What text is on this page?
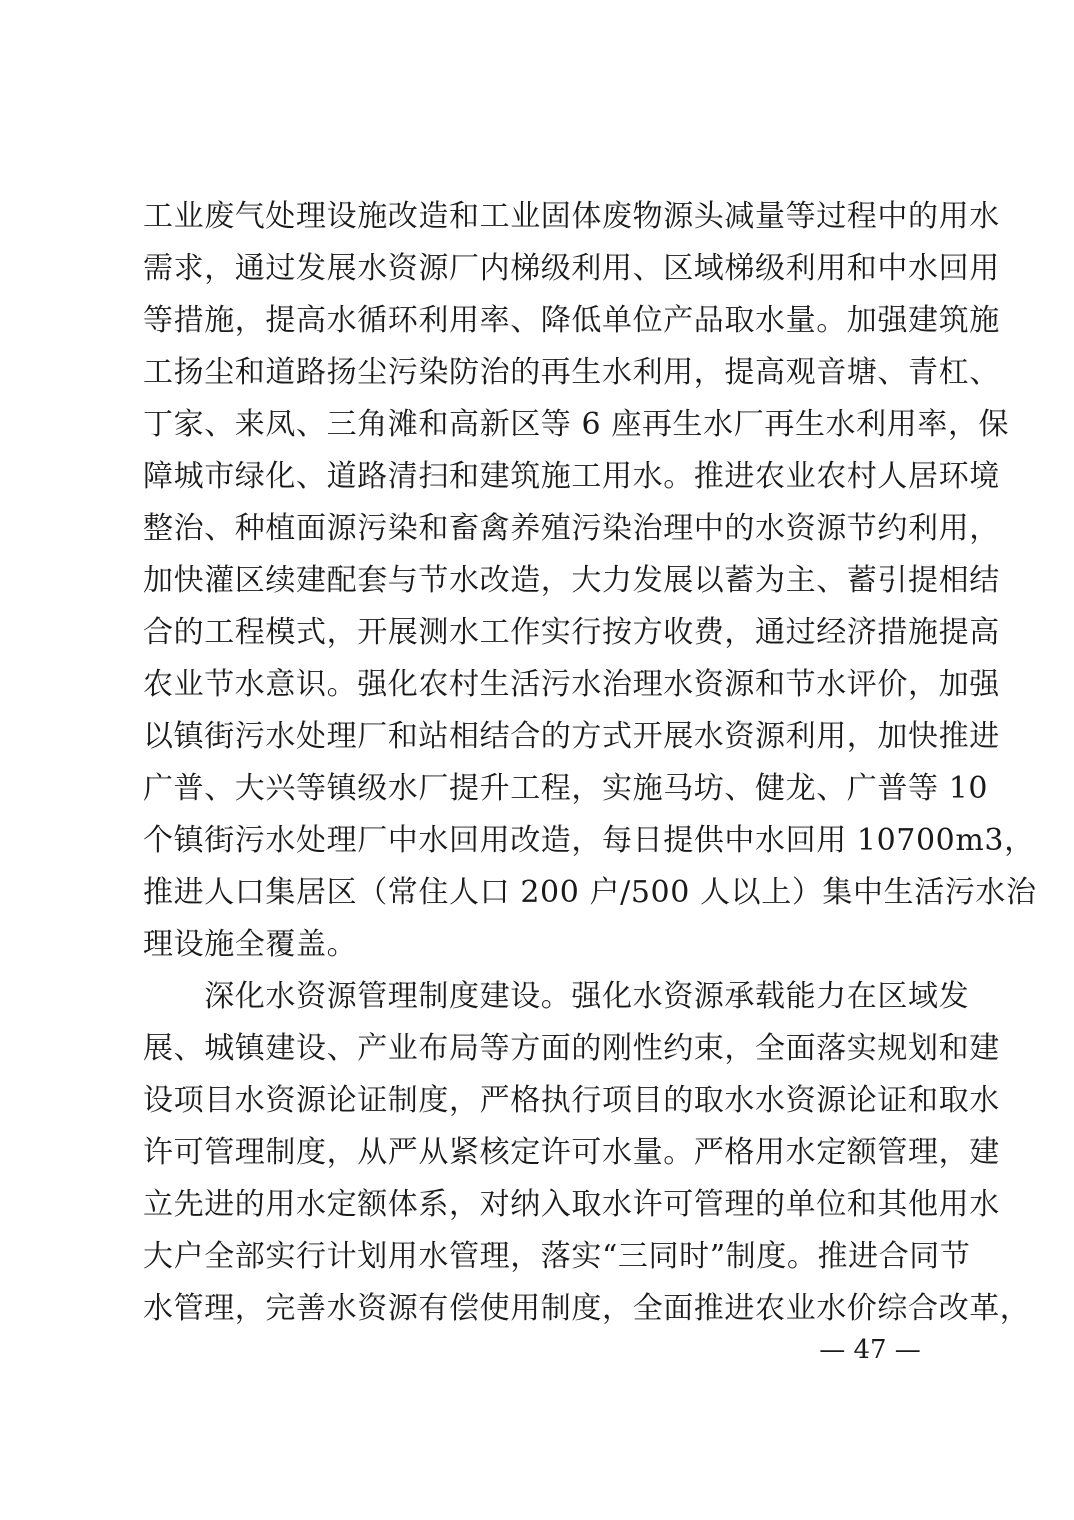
工业废气处理设施改造和工业固体废物源头减量等过程中的用水
需求，通过发展水资源厂内梯级利用、区域梯级利用和中水回用
等措施，提高水循环利用率、降低单位产品取水量。加强建筑施
工扬尘和道路扬尘污染防治的再生水利用，提高观音塘、青杠、
丁家、来凤、三角滩和高新区等 6 座再生水厂再生水利用率，保
障城市绿化、道路清扫和建筑施工用水。推进农业农村人居环境
整治、种植面源污染和畜禽养殖污染治理中的水资源节约利用，
加快灌区续建配套与节水改造，大力发展以蓄为主、蓄引提相结
合的工程模式，开展测水工作实行按方收费，通过经济措施提高
农业节水意识。强化农村生活污水治理水资源和节水评价，加强
以镇街污水处理厂和站相结合的方式开展水资源利用，加快推进
广普、大兴等镇级水厂提升工程，实施马坊、健龙、广普等 10
个镇街污水处理厂中水回用改造，每日提供中水回用 10700m3，
推进人口集居区（常住人口 200 户/500 人以上）集中生活污水治
理设施全覆盖。
　　深化水资源管理制度建设。强化水资源承载能力在区域发
展、城镇建设、产业布局等方面的刚性约束，全面落实规划和建
设项目水资源论证制度，严格执行项目的取水水资源论证和取水
许可管理制度，从严从紧核定许可水量。严格用水定额管理，建
立先进的用水定额体系，对纳入取水许可管理的单位和其他用水
大户全部实行计划用水管理，落实“三同时”制度。推进合同节
水管理，完善水资源有偿使用制度，全面推进农业水价综合改革，
— 47 —
